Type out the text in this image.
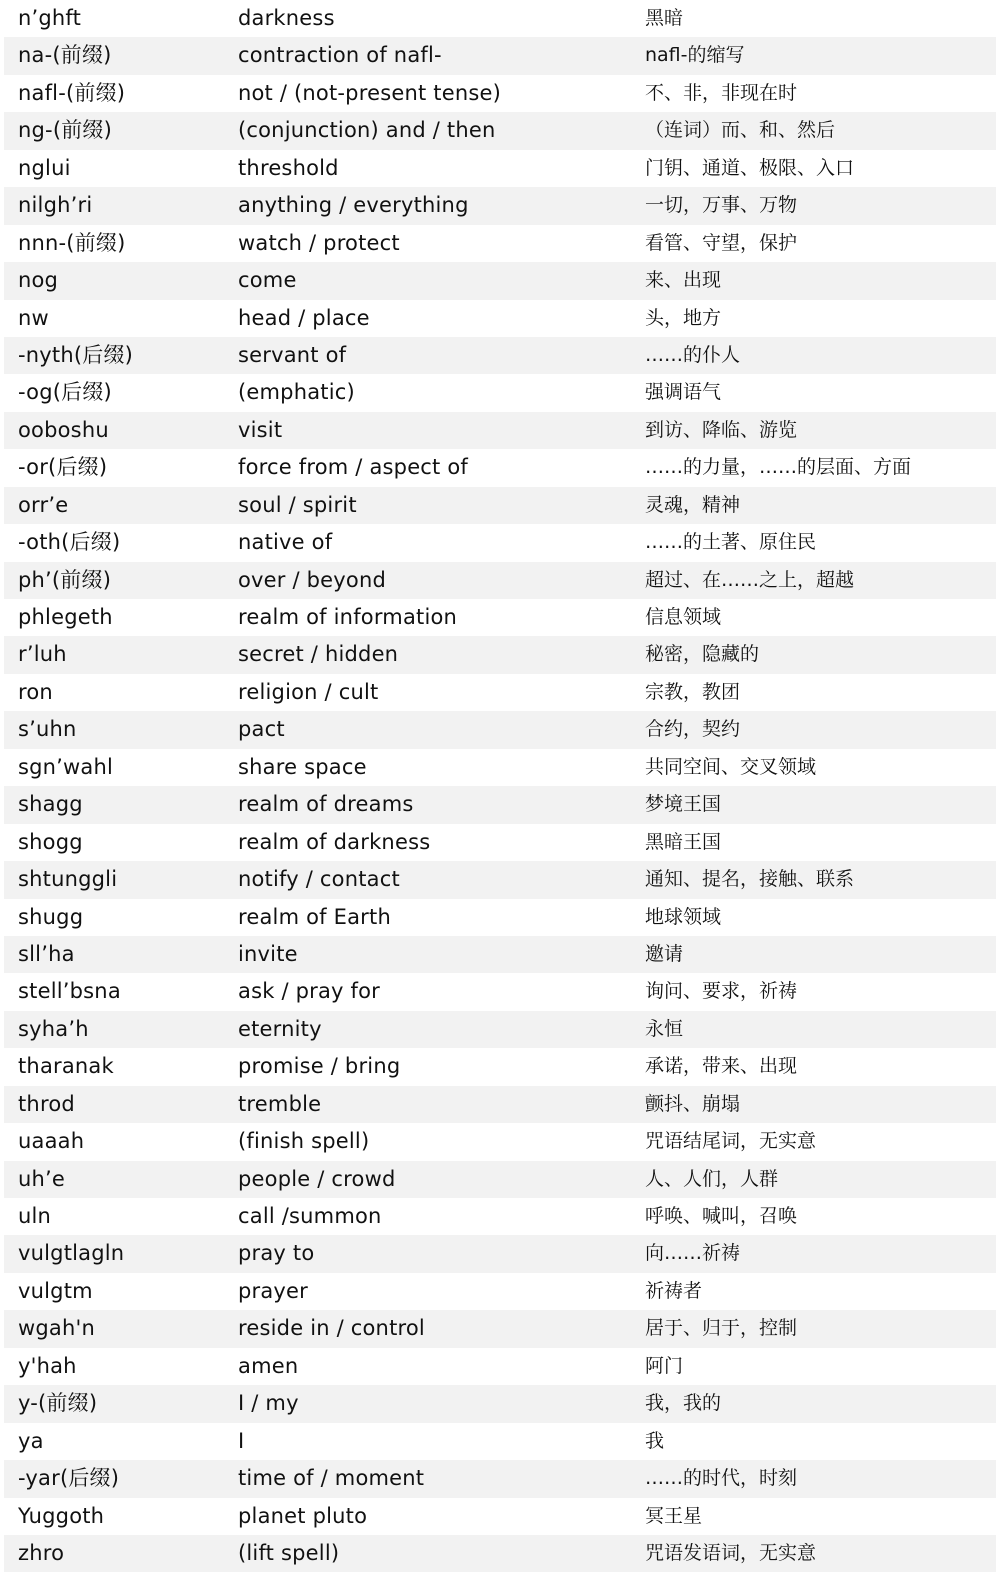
n’ghft	darkness	黑暗
na-(前缀)	contraction of nafl-	nafl-的缩写
nafl-(前缀)	not / (not-present tense)	不、非，非现在时
ng-(前缀)	(conjunction) and / then	（连词）而、和、然后
nglui	threshold	门钥、通道、极限、入口
nilgh’ri	anything / everything	一切，万事、万物
nnn-(前缀)	watch / protect	看管、守望，保护
nog	come	来、出现
nw	head / place	头，地方
-nyth(后缀)	servant of	……的仆人
-og(后缀)	(emphatic)	强调语气
ooboshu	visit	到访、降临、游览
-or(后缀)	force from / aspect of	……的力量，……的层面、方面
orr’e	soul / spirit	灵魂，精神
-oth(后缀)	native of	……的土著、原住民
ph’(前缀)	over / beyond	超过、在……之上，超越
phlegeth	realm of information	信息领域
r’luh	secret / hidden	秘密，隐藏的
ron	religion / cult	宗教，教团
s’uhn	pact	合约，契约
sgn’wahl	share space	共同空间、交叉领域
shagg	realm of dreams	梦境王国
shogg	realm of darkness	黑暗王国
shtunggli	notify / contact	通知、提名，接触、联系
shugg	realm of Earth	地球领域
sll’ha	invite	邀请
stell’bsna	ask / pray for	询问、要求，祈祷
syha’h	eternity	永恒
tharanak	promise / bring	承诺，带来、出现
throd	tremble	颤抖、崩塌
uaaah	(finish spell)	咒语结尾词，无实意
uh’e	people / crowd	人、人们，人群
uln	call /summon	呼唤、喊叫，召唤
vulgtlagln	pray to	向……祈祷
vulgtm	prayer	祈祷者
wgah'n	reside in / control	居于、归于，控制
y'hah	amen	阿门
y-(前缀)	I / my	我，我的
ya	I	我
-yar(后缀)	time of / moment	……的时代，时刻
Yuggoth	planet pluto	冥王星
zhro	(lift spell)	咒语发语词，无实意
